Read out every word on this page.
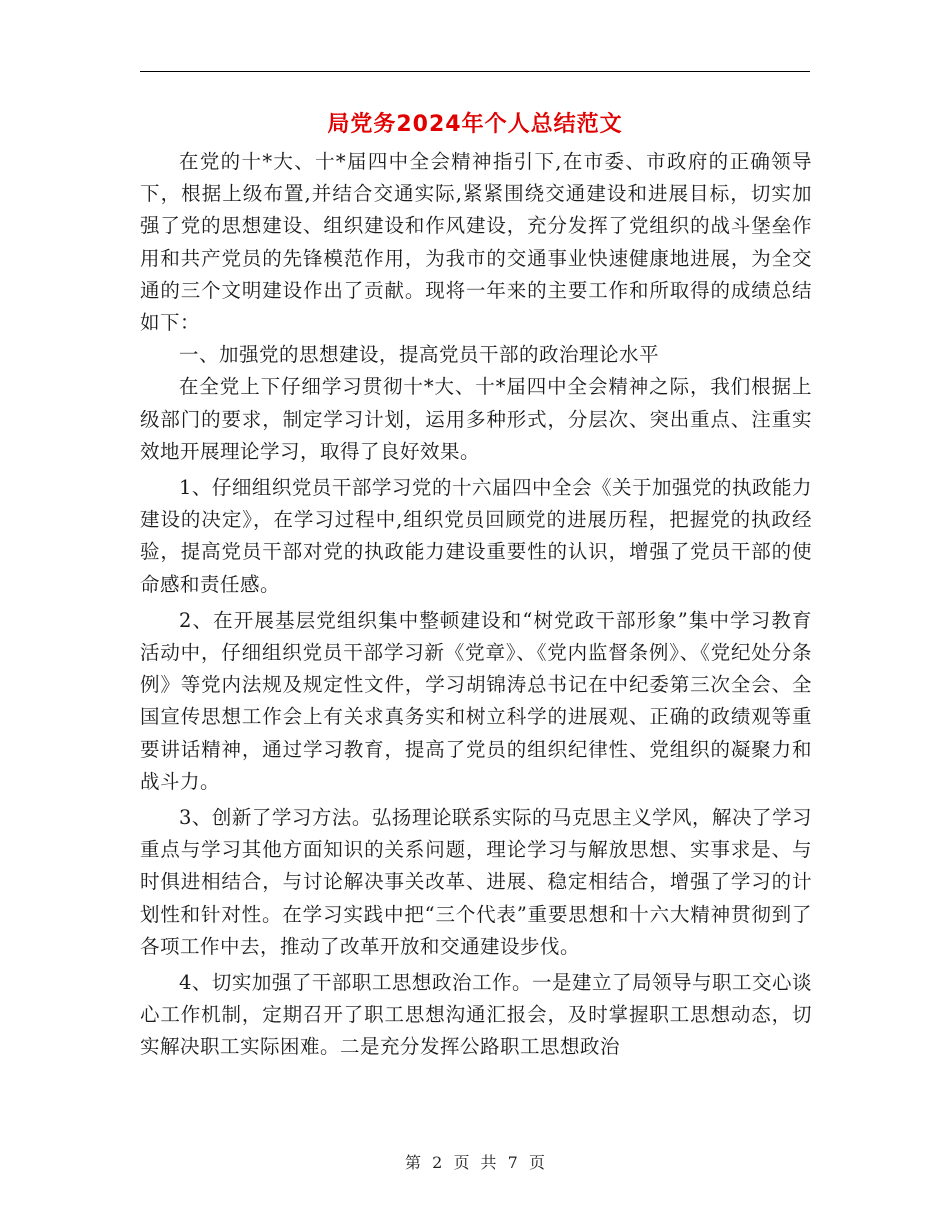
局党务2024年个人总结范文

在党的十*大、十*届四中全会精神指引下,在市委、市政府的正确领导下，根据上级布置,并结合交通实际,紧紧围绕交通建设和进展目标，切实加强了党的思想建设、组织建设和作风建设，充分发挥了党组织的战斗堡垒作用和共产党员的先锋模范作用，为我市的交通事业快速健康地进展，为全交通的三个文明建设作出了贡献。现将一年来的主要工作和所取得的成绩总结如下：

一、加强党的思想建设，提高党员干部的政治理论水平

在全党上下仔细学习贯彻十*大、十*届四中全会精神之际，我们根据上级部门的要求，制定学习计划，运用多种形式，分层次、突出重点、注重实效地开展理论学习，取得了良好效果。

1、仔细组织党员干部学习党的十六届四中全会《关于加强党的执政能力建设的决定》，在学习过程中,组织党员回顾党的进展历程，把握党的执政经验，提高党员干部对党的执政能力建设重要性的认识，增强了党员干部的使命感和责任感。

2、在开展基层党组织集中整顿建设和“树党政干部形象”集中学习教育活动中，仔细组织党员干部学习新《党章》、《党内监督条例》、《党纪处分条例》等党内法规及规定性文件，学习胡锦涛总书记在中纪委第三次全会、全国宣传思想工作会上有关求真务实和树立科学的进展观、正确的政绩观等重要讲话精神，通过学习教育，提高了党员的组织纪律性、党组织的凝聚力和战斗力。

3、创新了学习方法。弘扬理论联系实际的马克思主义学风，解决了学习重点与学习其他方面知识的关系问题，理论学习与解放思想、实事求是、与时俱进相结合，与讨论解决事关改革、进展、稳定相结合，增强了学习的计划性和针对性。在学习实践中把“三个代表”重要思想和十六大精神贯彻到了各项工作中去，推动了改革开放和交通建设步伐。

4、切实加强了干部职工思想政治工作。一是建立了局领导与职工交心谈心工作机制，定期召开了职工思想沟通汇报会，及时掌握职工思想动态，切实解决职工实际困难。二是充分发挥公路职工思想政治

第 2 页 共 7 页
